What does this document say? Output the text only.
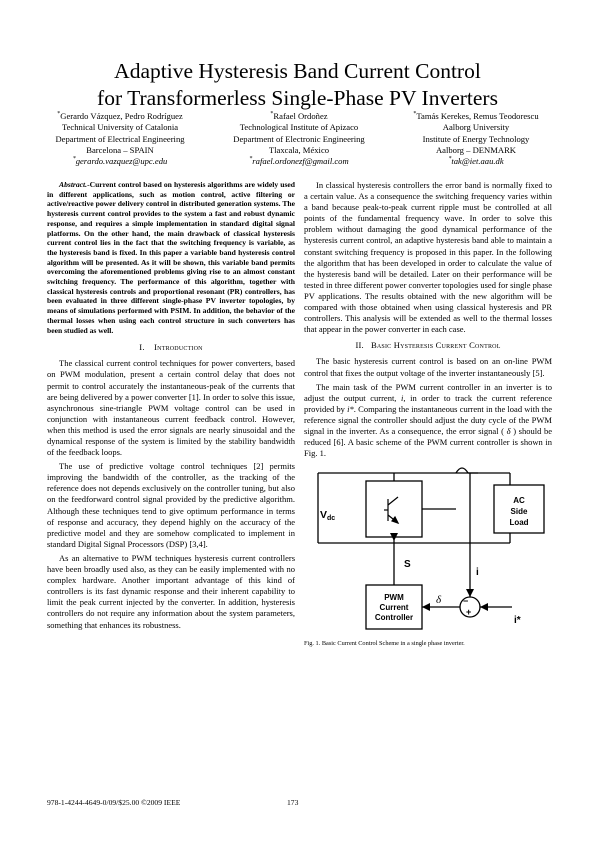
Adaptive Hysteresis Band Current Control
for Transformerless Single-Phase PV Inverters
*Gerardo Vázquez, Pedro Rodríguez
Technical University of Catalonia
Department of Electrical Engineering
Barcelona – SPAIN
*gerardo.vazquez@upc.edu
*Rafael Ordoñez
Technological Institute of Apizaco
Department of Electronic Engineering
Tlaxcala, México
*rafael.ordonezf@gmail.com
*Tamás Kerekes, Remus Teodorescu
Aalborg University
Institute of Energy Technology
Aalborg – DENMARK
*tak@iet.aau.dk

Abstract.-Current control based on hysteresis algorithms are widely used in different applications, such as motion control, active filtering or active/reactive power delivery control in distributed generation systems. The hysteresis current control provides to the system a fast and robust dynamic response, and requires a simple implementation in standard digital signal platforms. On the other hand, the main drawback of classical hysteresis current control lies in the fact that the switching frequency is variable, as the hysteresis band is fixed. In this paper a variable band hysteresis control algorithm will be presented. As it will be shown, this variable band permits overcoming the aforementioned problems giving rise to an almost constant switching frequency. The performance of this algorithm, together with classical hysteresis controls and proportional resonant (PR) controllers, has been evaluated in three different single-phase PV inverter topologies, by means of simulations performed with PSIM. In addition, the behavior of the thermal losses when using each control structure in such converters has been studied as well.

I. Introduction

The classical current control techniques for power converters, based on PWM modulation, present a certain control delay that does not permit to control accurately the instantaneous-peak of the currents that are being delivered by a power converter [1]. In order to solve this issue, asynchronous sine-triangle PWM voltage control can be used in conjunction with instantaneous current feedback control. However, when this method is used the error signals are nearly sinusoidal and the dynamical response of the system is limited by the stability bandwidth of the feedback loops.

The use of predictive voltage control techniques [2] permits improving the bandwidth of the controller, as the tracking of the reference does not depends exclusively on the controller tuning, but also on the feedforward control signal provided by the predictive algorithm. Although these techniques tend to give optimum performance in terms of response and accuracy, they depend highly on the accuracy of the predictive model and they are somehow complicated to implement in standard Digital Signal Processors (DSP) [3,4].

As an alternative to PWM techniques hysteresis current controllers have been broadly used also, as they can be easily implemented with no complex hardware. Another important advantage of this kind of controllers is its fast dynamic response and their inherent capability to limit the peak current injected by the converter. In addition, hysteresis controllers do not require any information about the system parameters, something that enhances its robustness.

In classical hysteresis controllers the error band is normally fixed to a certain value. As a consequence the switching frequency varies within a band because peak-to-peak current ripple must be controlled at all points of the fundamental frequency wave. In order to solve this problem without damaging the good dynamical performance of the hysteresis current control, an adaptive hysteresis band able to maintain a constant switching frequency is proposed in this paper. In the following the algorithm that has been developed in order to calculate the value of the hysteresis band will be detailed. Later on their performance will be tested in three different power converter topologies used for single phase PV applications. The results obtained with the new algorithm will be compared with those obtained when using classical hysteresis and PR controllers. This analysis will be extended as well to the thermal losses that appear in the power converter in each case.

II. Basic Hysteresis Current Control

The basic hysteresis current control is based on an on-line PWM control that fixes the output voltage of the inverter instantaneously [5].

The main task of the PWM current controller in an inverter is to adjust the output current, i, in order to track the current reference provided by i*. Comparing the instantaneous current in the load with the reference signal the controller should adjust the duty cycle of the PWM signal in the inverter. As a consequence, the error signal ( δ ) should be reduced [6]. A basic scheme of the PWM current controller is shown in Fig. 1.

Vdc
AC
Side
Load
S
i
PWM
Current
Controller	i*
−
+
δ
Fig. 1. Basic Current Control Scheme in a single phase inverter.
978-1-4244-4649-0/09/$25.00 ©2009 IEEE	173
